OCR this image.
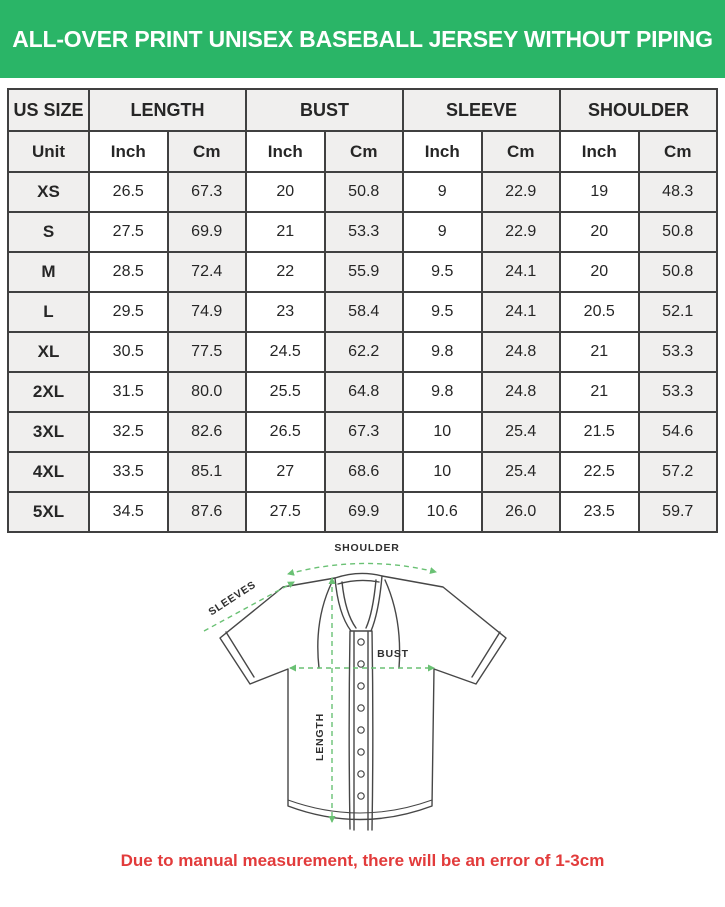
ALL-OVER PRINT UNISEX BASEBALL JERSEY WITHOUT PIPING
US SIZE	LENGTH		BUST		SLEEVE		SHOULDER	
Unit	Inch	Cm	Inch	Cm	Inch	Cm	Inch	Cm
XS	26.5	67.3	20	50.8	9	22.9	19	48.3
S	27.5	69.9	21	53.3	9	22.9	20	50.8
M	28.5	72.4	22	55.9	9.5	24.1	20	50.8
L	29.5	74.9	23	58.4	9.5	24.1	20.5	52.1
XL	30.5	77.5	24.5	62.2	9.8	24.8	21	53.3
2XL	31.5	80.0	25.5	64.8	9.8	24.8	21	53.3
3XL	32.5	82.6	26.5	67.3	10	25.4	21.5	54.6
4XL	33.5	85.1	27	68.6	10	25.4	22.5	57.2
5XL	34.5	87.6	27.5	69.9	10.6	26.0	23.5	59.7
SHOULDER
SLEEVES
BUST
LENGTH
Due to manual measurement, there will be an error of 1-3cm
